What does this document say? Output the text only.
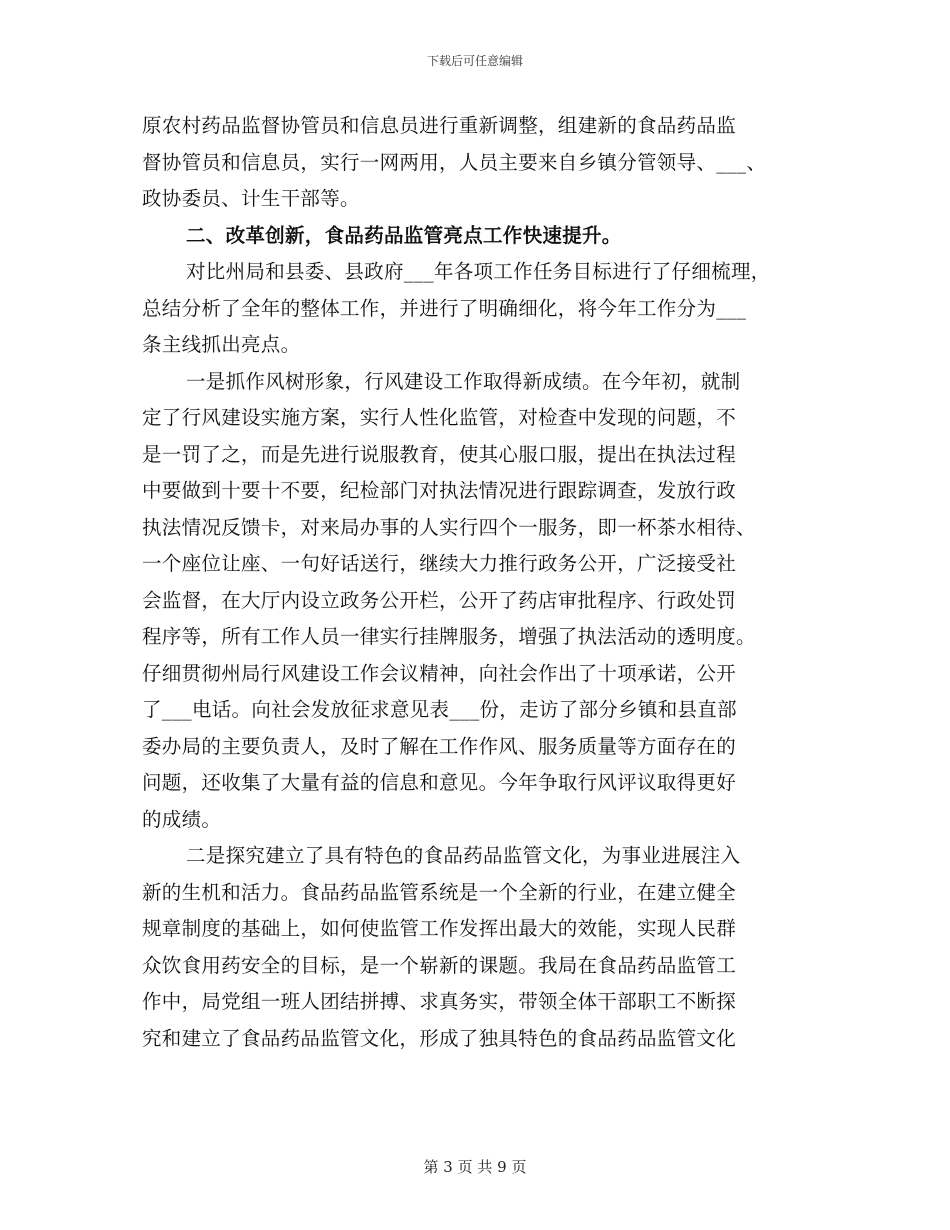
下载后可任意编辑
原农村药品监督协管员和信息员进行重新调整，组建新的食品药品监
督协管员和信息员，实行一网两用，人员主要来自乡镇分管领导、___、
政协委员、计生干部等。
二、改革创新，食品药品监管亮点工作快速提升。
对比州局和县委、县政府___年各项工作任务目标进行了仔细梳理，
总结分析了全年的整体工作，并进行了明确细化，将今年工作分为___
条主线抓出亮点。
一是抓作风树形象，行风建设工作取得新成绩。在今年初，就制
定了行风建设实施方案，实行人性化监管，对检查中发现的问题，不
是一罚了之，而是先进行说服教育，使其心服口服，提出在执法过程
中要做到十要十不要，纪检部门对执法情况进行跟踪调查，发放行政
执法情况反馈卡，对来局办事的人实行四个一服务，即一杯茶水相待、
一个座位让座、一句好话送行，继续大力推行政务公开，广泛接受社
会监督，在大厅内设立政务公开栏，公开了药店审批程序、行政处罚
程序等，所有工作人员一律实行挂牌服务，增强了执法活动的透明度。
仔细贯彻州局行风建设工作会议精神，向社会作出了十项承诺，公开
了___电话。向社会发放征求意见表___份，走访了部分乡镇和县直部
委办局的主要负责人，及时了解在工作作风、服务质量等方面存在的
问题，还收集了大量有益的信息和意见。今年争取行风评议取得更好
的成绩。
二是探究建立了具有特色的食品药品监管文化，为事业进展注入
新的生机和活力。食品药品监管系统是一个全新的行业，在建立健全
规章制度的基础上，如何使监管工作发挥出最大的效能，实现人民群
众饮食用药安全的目标，是一个崭新的课题。我局在食品药品监管工
作中，局党组一班人团结拼搏、求真务实，带领全体干部职工不断探
究和建立了食品药品监管文化，形成了独具特色的食品药品监管文化
第 3 页 共 9 页
